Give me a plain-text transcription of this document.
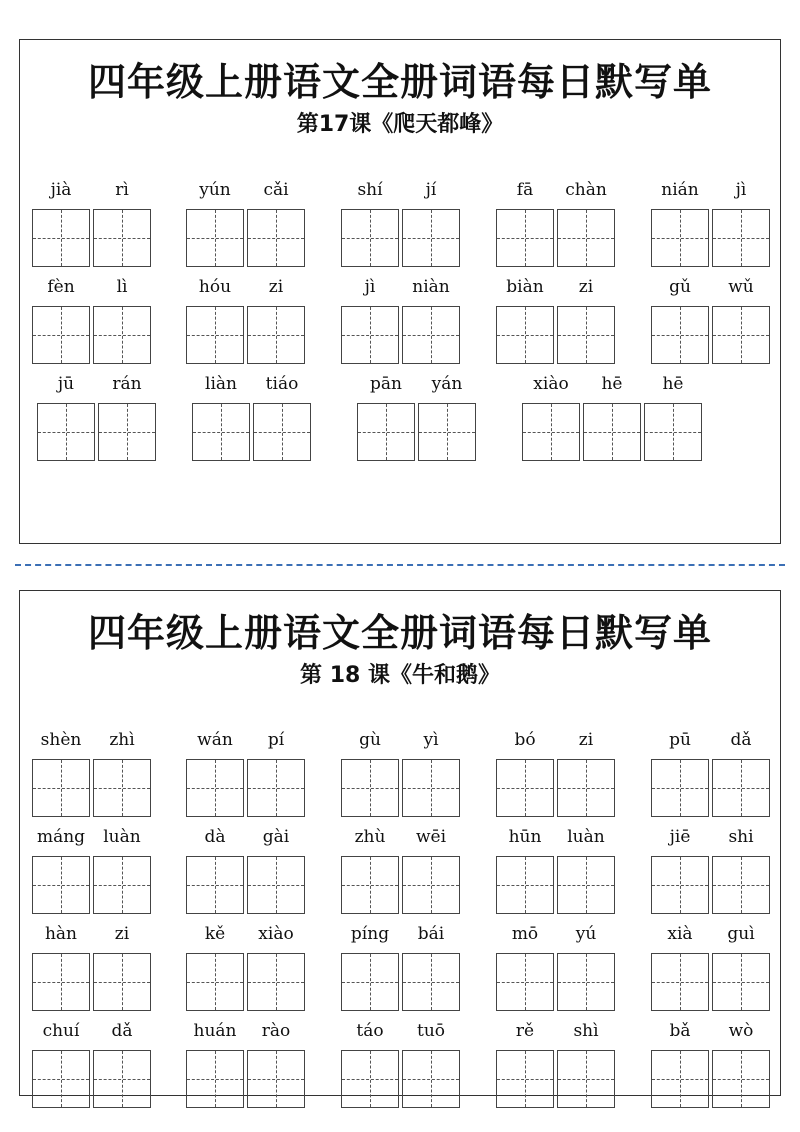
四年级上册语文全册词语每日默写单
第17课《爬天都峰》
jià	rì	yún	cǎi	shí	jí	fā	chàn	nián	jì
fèn	lì	hóu	zi	jì	niàn	biàn	zi	gǔ	wǔ
jū	rán	liàn	tiáo	pān	yán	xiào	hē	hē
四年级上册语文全册词语每日默写单
第 18 课《牛和鹅》
shèn	zhì	wán	pí	gù	yì	bó	zi	pū	dǎ
máng	luàn	dà	gài	zhù	wēi	hūn	luàn	jiē	shi
hàn	zi	kě	xiào	píng	bái	mō	yú	xià	guì
chuí	dǎ	huán	rào	táo	tuō	rě	shì	bǎ	wò
